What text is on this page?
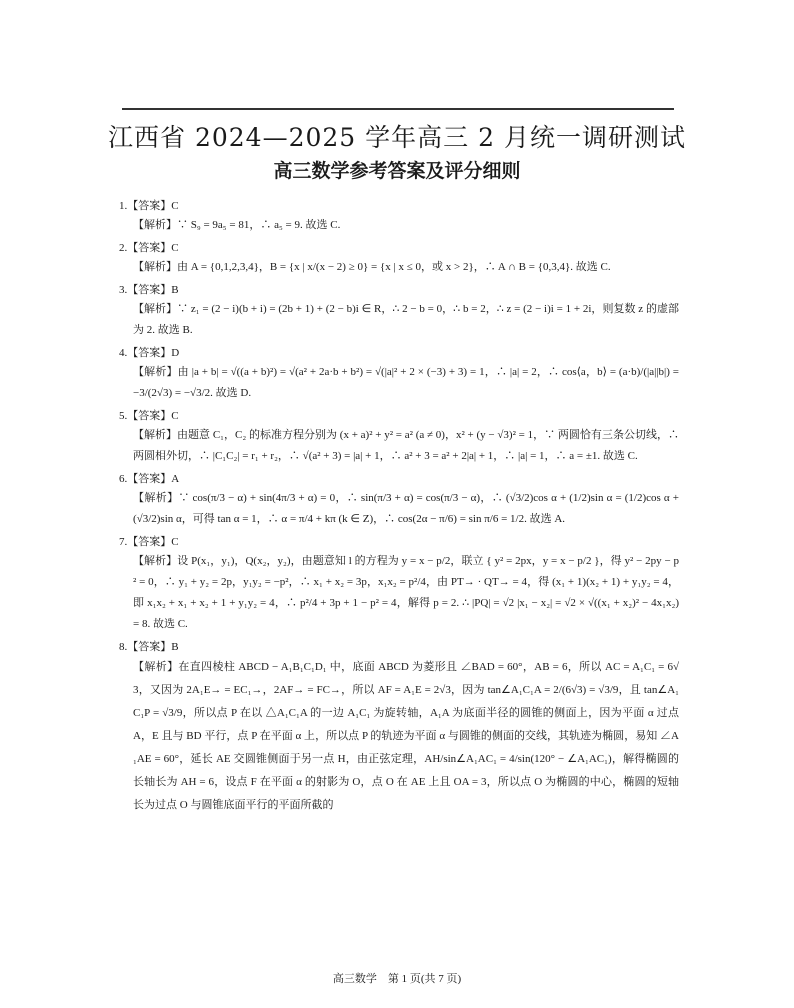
江西省 2024—2025 学年高三 2 月统一调研测试
高三数学参考答案及评分细则
1.【答案】C
【解析】∵ S₉ = 9a₅ = 81，∴ a₅ = 9. 故选 C.
2.【答案】C
【解析】由 A = {0,1,2,3,4}，B = {x | x/(x − 2) ≥ 0} = {x | x ≤ 0，或 x > 2}，∴ A ∩ B = {0,3,4}. 故选 C.
3.【答案】B
【解析】∵ z₁ = (2 − i)(b + i) = (2b + 1) + (2 − b)i ∈ R，∴ 2 − b = 0，∴ b = 2，∴ z = (2 − i)i = 1 + 2i，则复数 z 的虚部为 2. 故选 B.
4.【答案】D
【解析】由 |a + b| = √((a + b)²) = √(a² + 2a·b + b²) = √(|a|² + 2 × (−3) + 3) = 1，∴ |a| = 2，∴ cos⟨a，b⟩ = (a·b)/(|a||b|) = −3/(2√3) = −√3/2. 故选 D.
5.【答案】C
【解析】由题意 C₁，C₂ 的标准方程分别为 (x + a)² + y² = a² (a ≠ 0)，x² + (y − √3)² = 1，∵ 两圆恰有三条公切线，∴ 两圆相外切，∴ |C₁C₂| = r₁ + r₂，∴ √(a² + 3) = |a| + 1，∴ a² + 3 = a² + 2|a| + 1，∴ |a| = 1，∴ a = ±1. 故选 C.
6.【答案】A
【解析】∵ cos(π/3 − α) + sin(4π/3 + α) = 0，∴ sin(π/3 + α) = cos(π/3 − α)，∴ (√3/2)cos α + (1/2)sin α = (1/2)cos α + (√3/2)sin α，可得 tan α = 1，∴ α = π/4 + kπ (k ∈ Z)，∴ cos(2α − π/6) = sin π/6 = 1/2. 故选 A.
7.【答案】C
【解析】设 P(x₁，y₁)，Q(x₂，y₂)，由题意知 l 的方程为 y = x − p/2，联立 { y² = 2px，y = x − p/2 }，得 y² − 2py − p² = 0，∴ y₁ + y₂ = 2p，y₁y₂ = −p²，∴ x₁ + x₂ = 3p，x₁x₂ = p²/4，由 PT→ · QT→ = 4，得 (x₁ + 1)(x₂ + 1) + y₁y₂ = 4，即 x₁x₂ + x₁ + x₂ + 1 + y₁y₂ = 4，∴ p²/4 + 3p + 1 − p² = 4，解得 p = 2. ∴ |PQ| = √2 |x₁ − x₂| = √2 × √((x₁ + x₂)² − 4x₁x₂) = 8. 故选 C.
8.【答案】B
【解析】在直四棱柱 ABCD − A₁B₁C₁D₁ 中，底面 ABCD 为菱形且 ∠BAD = 60°，AB = 6，所以 AC = A₁C₁ = 6√3，又因为 2A₁E→ = EC₁→，2AF→ = FC→，所以 AF = A₁E = 2√3，因为 tan∠A₁C₁A = 2/(6√3) = √3/9，且 tan∠A₁C₁P = √3/9，所以点 P 在以 △A₁C₁A 的一边 A₁C₁ 为旋转轴，A₁A 为底面半径的圆锥的侧面上，因为平面 α 过点 A，E 且与 BD 平行，点 P 在平面 α 上，所以点 P 的轨迹为平面 α 与圆锥的侧面的交线，其轨迹为椭圆，易知 ∠A₁AE = 60°，延长 AE 交圆锥侧面于另一点 H，由正弦定理，AH/sin∠A₁AC₁ = 4/sin(120° − ∠A₁AC₁)，解得椭圆的长轴长为 AH = 6，设点 F 在平面 α 的射影为 O，点 O 在 AE 上且 OA = 3，所以点 O 为椭圆的中心，椭圆的短轴长为过点 O 与圆锥底面平行的平面所截的
高三数学　第 1 页(共 7 页)
